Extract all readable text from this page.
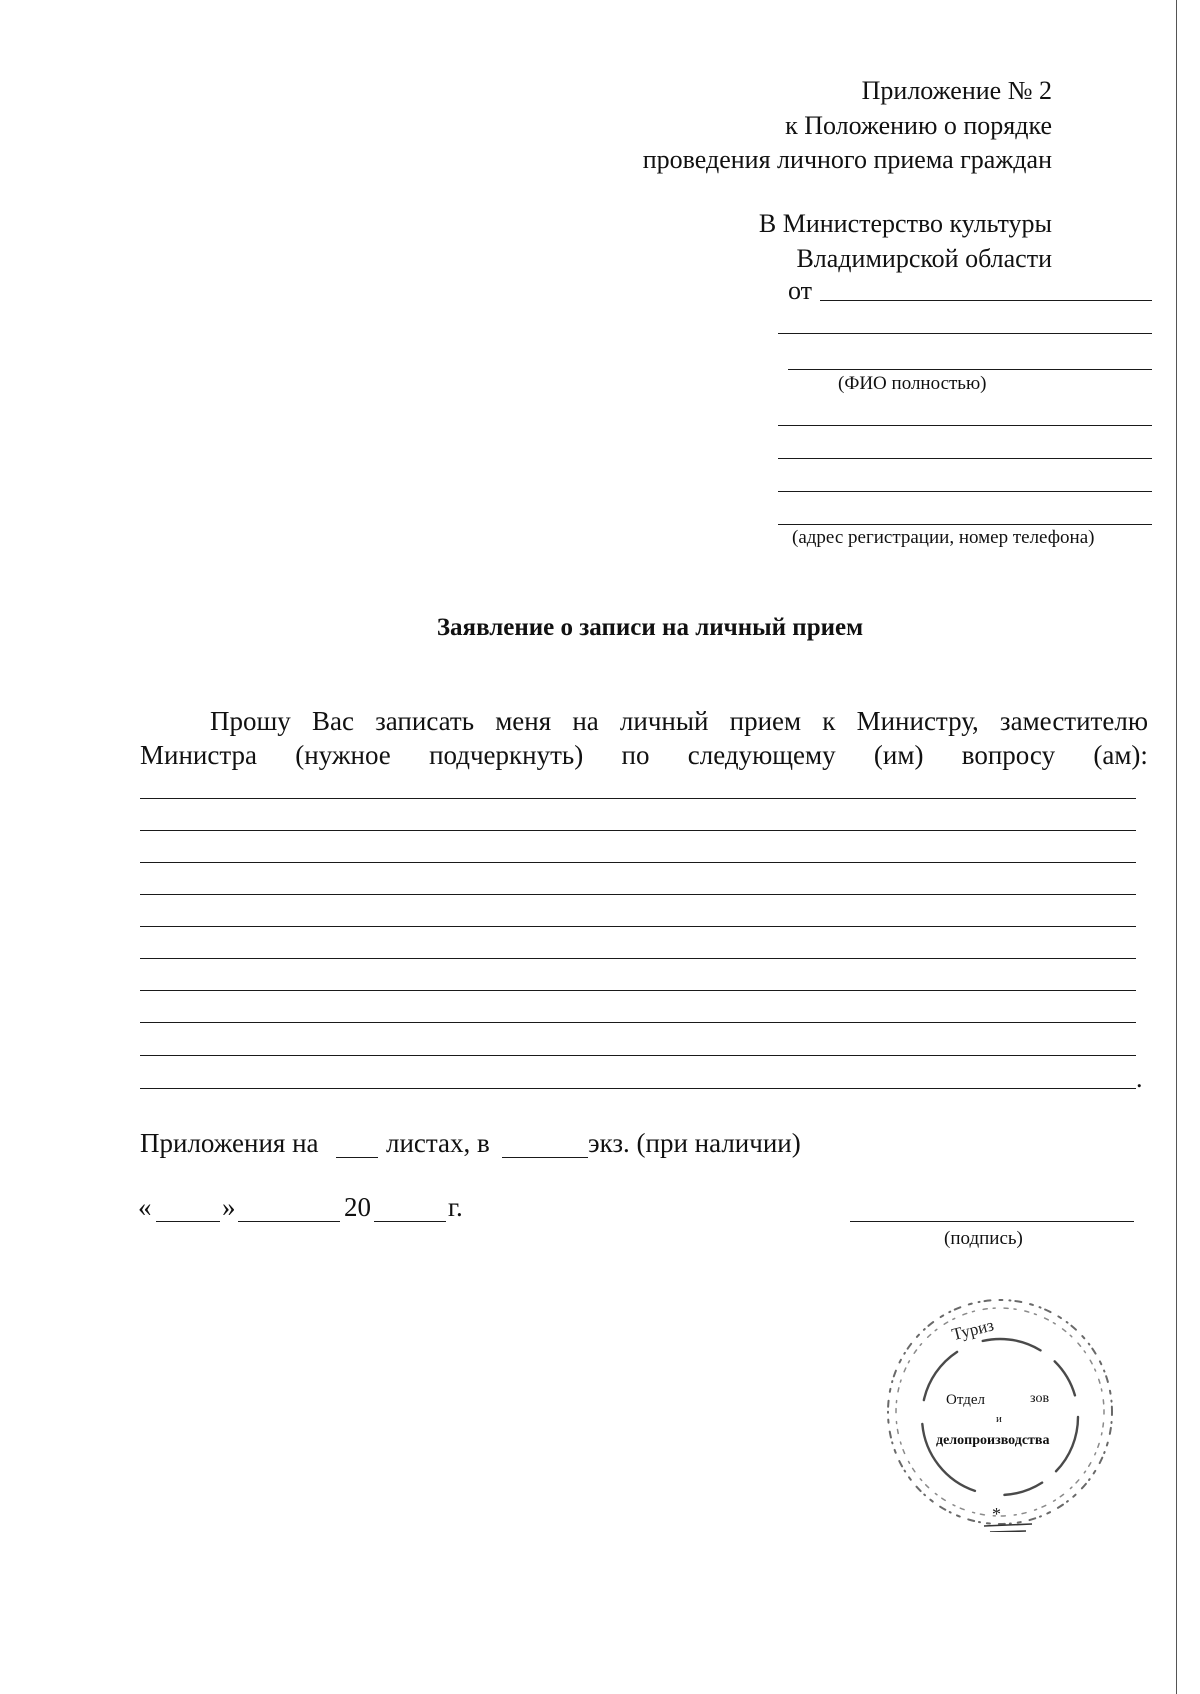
Приложение № 2
к Положению о порядке
проведения личного приема граждан
В Министерство культуры
Владимирской области
от
(ФИО полностью)
(адрес регистрации, номер телефона)
Заявление о записи на личный прием
Прошу Вас записать меня на личный прием к Министру, заместителю
Министра (нужное подчеркнуть) по следующему (им) вопросу (ам):
.
Приложения на листах, в	экз. (при наличии)
«	»	20	г.
(подпись)
Туриз
Отдел	зов
и
делопроизводства
*
